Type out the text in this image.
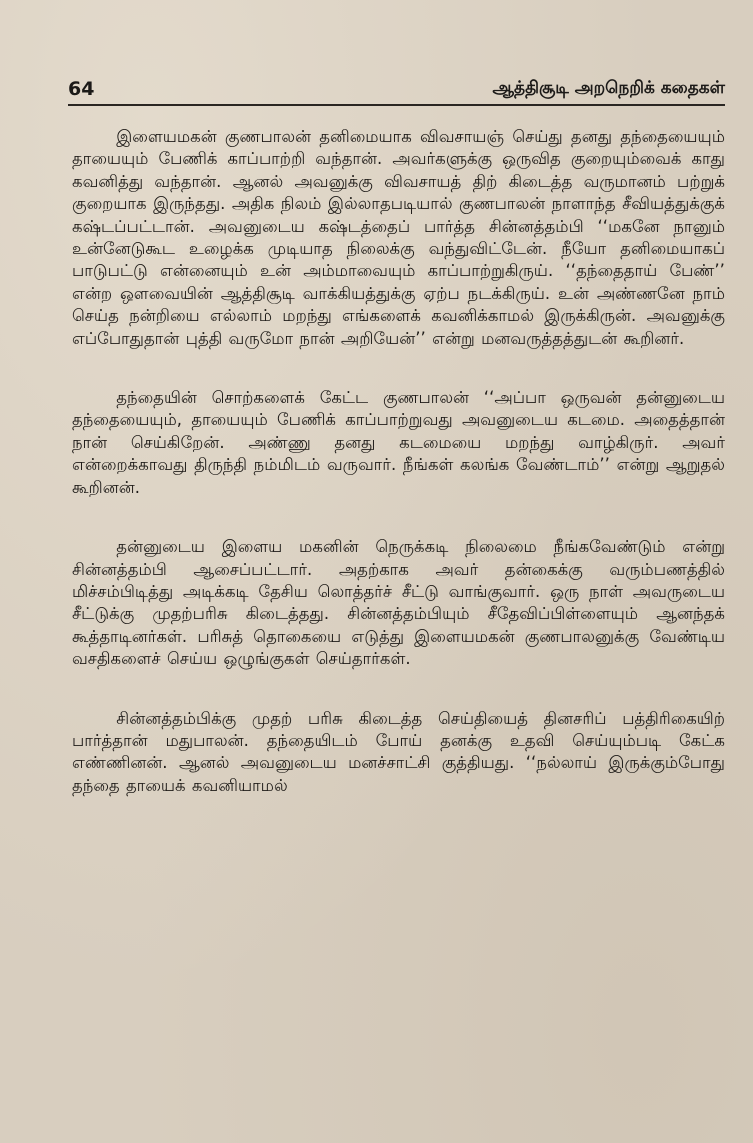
64	ஆத்திசூடி அறநெறிக் கதைகள்

இளையமகன் குணபாலன் தனிமையாக விவசாயஞ் செய்து தனது தந்தையையும் தாயையும் பேணிக் காப்பாற்றி வந்தான். அவர்களுக்கு ஒருவித குறையும்வைக் காது கவனித்து வந்தான். ஆனல் அவனுக்கு விவசாயத் திற் கிடைத்த வருமானம் பற்றுக் குறையாக இருந்தது. அதிக நிலம் இல்லாதபடியால் குணபாலன் நாளாந்த சீவியத்துக்குக் கஷ்டப்பட்டான். அவனுடைய கஷ்டத்தைப் பார்த்த சின்னத்தம்பி ‘‘மகனே நானும் உன்னேடுகூட உழைக்க முடியாத நிலைக்கு வந்துவிட்டேன். நீயோ தனிமையாகப் பாடுபட்டு என்னையும் உன் அம்மாவையும் காப்பாற்றுகிருய். ‘‘தந்தைதாய் பேண்’’ என்ற ஒளவையின் ஆத்திசூடி வாக்கியத்துக்கு ஏற்ப நடக்கிருய். உன் அண்ணனே நாம் செய்த நன்றியை எல்லாம் மறந்து எங்களைக் கவனிக்காமல் இருக்கிருன். அவனுக்கு எப்போதுதான் புத்தி வருமோ நான் அறியேன்’’ என்று மனவருத்தத்துடன் கூறினர்.

தந்தையின் சொற்களைக் கேட்ட குணபாலன் ‘‘அப்பா ஒருவன் தன்னுடைய தந்தையையும், தாயையும் பேணிக் காப்பாற்றுவது அவனுடைய கடமை. அதைத்தான் நான் செய்கிறேன். அண்ணு தனது கடமையை மறந்து வாழ்கிருர். அவர் என்றைக்காவது திருந்தி நம்மிடம் வருவார். நீங்கள் கலங்க வேண்டாம்’’ என்று ஆறுதல் கூறினன்.

தன்னுடைய இளைய மகனின் நெருக்கடி நிலைமை நீங்கவேண்டும் என்று சின்னத்தம்பி ஆசைப்பட்டார். அதற்காக அவர் தன்கைக்கு வரும்பணத்தில் மிச்சம்பிடித்து அடிக்கடி தேசிய லொத்தர்ச் சீட்டு வாங்குவார். ஒரு நாள் அவருடைய சீட்டுக்கு முதற்பரிசு கிடைத்தது. சின்னத்தம்பியும் சீதேவிப்பிள்ளையும் ஆனந்தக் கூத்தாடினர்கள். பரிசுத் தொகையை எடுத்து இளையமகன் குணபாலனுக்கு வேண்டிய வசதிகளைச் செய்ய ஒழுங்குகள் செய்தார்கள்.

சின்னத்தம்பிக்கு முதற் பரிசு கிடைத்த செய்தியைத் தினசரிப் பத்திரிகையிற் பார்த்தான் மதுபாலன். தந்தையிடம் போய் தனக்கு உதவி செய்யும்படி கேட்க எண்ணினன். ஆனல் அவனுடைய மனச்சாட்சி குத்தியது. ‘‘நல்லாய் இருக்கும்போது தந்தை தாயைக் கவனியாமல்
